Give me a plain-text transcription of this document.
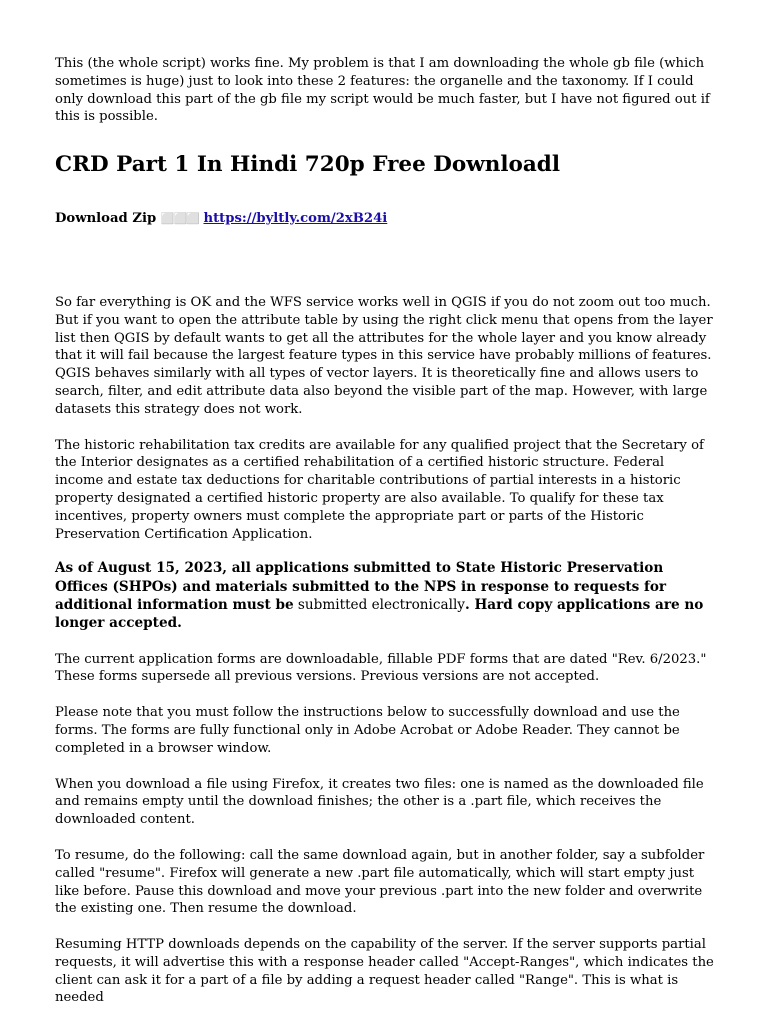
This (the whole script) works fine. My problem is that I am downloading the whole gb file (which sometimes is huge) just to look into these 2 features: the organelle and the taxonomy. If I could only download this part of the gb file my script would be much faster, but I have not figured out if this is possible.

CRD Part 1 In Hindi 720p Free Downloadl
Download Zip ⬜⬜⬜ https://byltly.com/2xB24i

So far everything is OK and the WFS service works well in QGIS if you do not zoom out too much. But if you want to open the attribute table by using the right click menu that opens from the layer list then QGIS by default wants to get all the attributes for the whole layer and you know already that it will fail because the largest feature types in this service have probably millions of features. QGIS behaves similarly with all types of vector layers. It is theoretically fine and allows users to search, filter, and edit attribute data also beyond the visible part of the map. However, with large datasets this strategy does not work.

The historic rehabilitation tax credits are available for any qualified project that the Secretary of the Interior designates as a certified rehabilitation of a certified historic structure. Federal income and estate tax deductions for charitable contributions of partial interests in a historic property designated a certified historic property are also available. To qualify for these tax incentives, property owners must complete the appropriate part or parts of the Historic Preservation Certification Application.

As of August 15, 2023, all applications submitted to State Historic Preservation Offices (SHPOs) and materials submitted to the NPS in response to requests for additional information must be submitted electronically. Hard copy applications are no longer accepted.

The current application forms are downloadable, fillable PDF forms that are dated "Rev. 6/2023." These forms supersede all previous versions. Previous versions are not accepted.

Please note that you must follow the instructions below to successfully download and use the forms. The forms are fully functional only in Adobe Acrobat or Adobe Reader. They cannot be completed in a browser window.

When you download a file using Firefox, it creates two files: one is named as the downloaded file and remains empty until the download finishes; the other is a .part file, which receives the downloaded content.

To resume, do the following: call the same download again, but in another folder, say a subfolder called "resume". Firefox will generate a new .part file automatically, which will start empty just like before. Pause this download and move your previous .part into the new folder and overwrite the existing one. Then resume the download.

Resuming HTTP downloads depends on the capability of the server. If the server supports partial requests, it will advertise this with a response header called "Accept-Ranges", which indicates the client can ask it for a part of a file by adding a request header called "Range". This is what is needed
